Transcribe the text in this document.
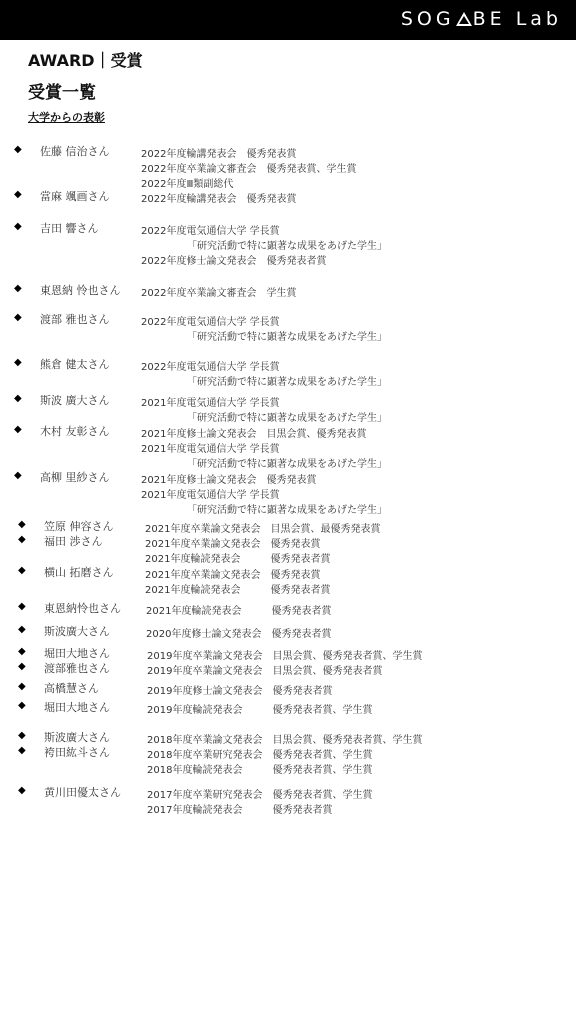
SOG BE Lab
AWARD｜受賞
受賞一覧
大学からの表彰
◆ 佐藤 信治さん	2022年度輪講発表会　優秀発表賞
2022年度卒業論文審査会　優秀発表賞、学生賞
2022年度Ⅲ類副総代
◆ 當麻 颯画さん	2022年度輪講発表会　優秀発表賞
◆ 吉田 響さん	2022年度電気通信大学 学長賞
「研究活動で特に顕著な成果をあげた学生」
2022年度修士論文発表会　優秀発表者賞
◆ 東恩納 怜也さん 2022年度卒業論文審査会　学生賞
◆ 渡部 雅也さん	2022年度電気通信大学 学長賞
「研究活動で特に顕著な成果をあげた学生」
◆ 熊倉 健太さん	2022年度電気通信大学 学長賞
「研究活動で特に顕著な成果をあげた学生」
◆ 斯波 廣大さん	2021年度電気通信大学 学長賞
「研究活動で特に顕著な成果をあげた学生」
◆ 木村 友彰さん	2021年度修士論文発表会　目黒会賞、優秀発表賞
2021年度電気通信大学 学長賞
「研究活動で特に顕著な成果をあげた学生」
◆ 高柳 里紗さん	2021年度修士論文発表会　優秀発表賞
2021年度電気通信大学 学長賞
「研究活動で特に顕著な成果をあげた学生」
◆ 笠原 伸容さん	2021年度卒業論文発表会　目黒会賞、最優秀発表賞
◆ 福田 渉さん	2021年度卒業論文発表会　優秀発表賞
2021年度輪読発表会　　　優秀発表者賞
◆ 横山 拓磨さん	2021年度卒業論文発表会　優秀発表賞
2021年度輪読発表会　　　優秀発表者賞
◆ 東恩納怜也さん	2021年度輪読発表会　　　優秀発表者賞
◆ 斯波廣大さん	2020年度修士論文発表会　優秀発表者賞
◆ 堀田大地さん	2019年度卒業論文発表会　目黒会賞、優秀発表者賞、学生賞
◆ 渡部雅也さん	2019年度卒業論文発表会　目黒会賞、優秀発表者賞
◆ 高橋慧さん	2019年度修士論文発表会　優秀発表者賞
◆ 堀田大地さん	2019年度輪読発表会　　　優秀発表者賞、学生賞
◆ 斯波廣大さん	2018年度卒業論文発表会　目黒会賞、優秀発表者賞、学生賞
◆ 袴田紘斗さん	2018年度卒業研究発表会　優秀発表者賞、学生賞
2018年度輪読発表会　　　優秀発表者賞、学生賞
◆ 黄川田優太さん	2017年度卒業研究発表会　優秀発表者賞、学生賞
2017年度輪読発表会　　　優秀発表者賞
